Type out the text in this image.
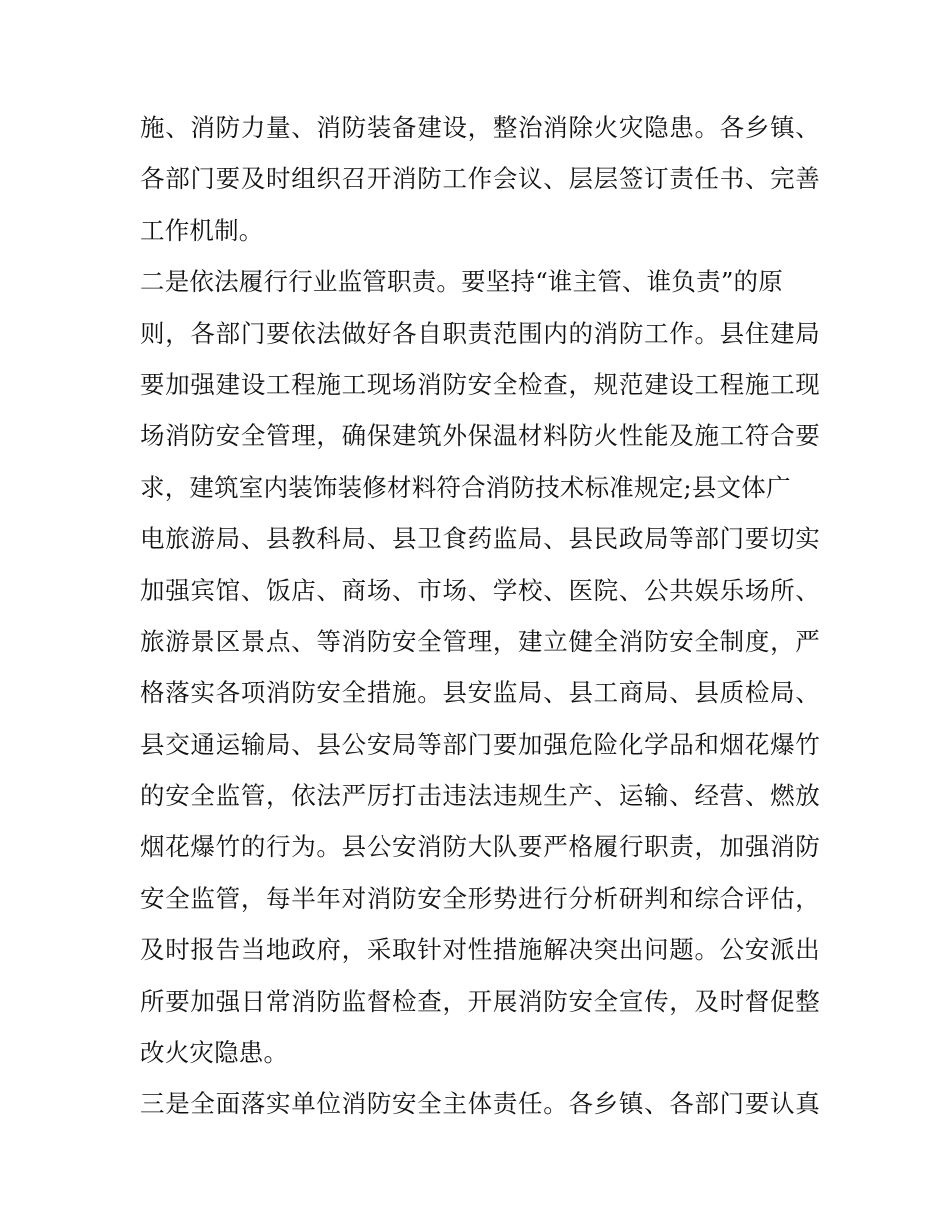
施、消防力量、消防装备建设，整治消除火灾隐患。各乡镇、
各部门要及时组织召开消防工作会议、层层签订责任书、完善
工作机制。
二是依法履行行业监管职责。要坚持“谁主管、谁负责”的原
则，各部门要依法做好各自职责范围内的消防工作。县住建局
要加强建设工程施工现场消防安全检查，规范建设工程施工现
场消防安全管理，确保建筑外保温材料防火性能及施工符合要
求，建筑室内装饰装修材料符合消防技术标准规定;县文体广
电旅游局、县教科局、县卫食药监局、县民政局等部门要切实
加强宾馆、饭店、商场、市场、学校、医院、公共娱乐场所、
旅游景区景点、等消防安全管理，建立健全消防安全制度，严
格落实各项消防安全措施。县安监局、县工商局、县质检局、
县交通运输局、县公安局等部门要加强危险化学品和烟花爆竹
的安全监管，依法严厉打击违法违规生产、运输、经营、燃放
烟花爆竹的行为。县公安消防大队要严格履行职责，加强消防
安全监管，每半年对消防安全形势进行分析研判和综合评估，
及时报告当地政府，采取针对性措施解决突出问题。公安派出
所要加强日常消防监督检查，开展消防安全宣传，及时督促整
改火灾隐患。
三是全面落实单位消防安全主体责任。各乡镇、各部门要认真
